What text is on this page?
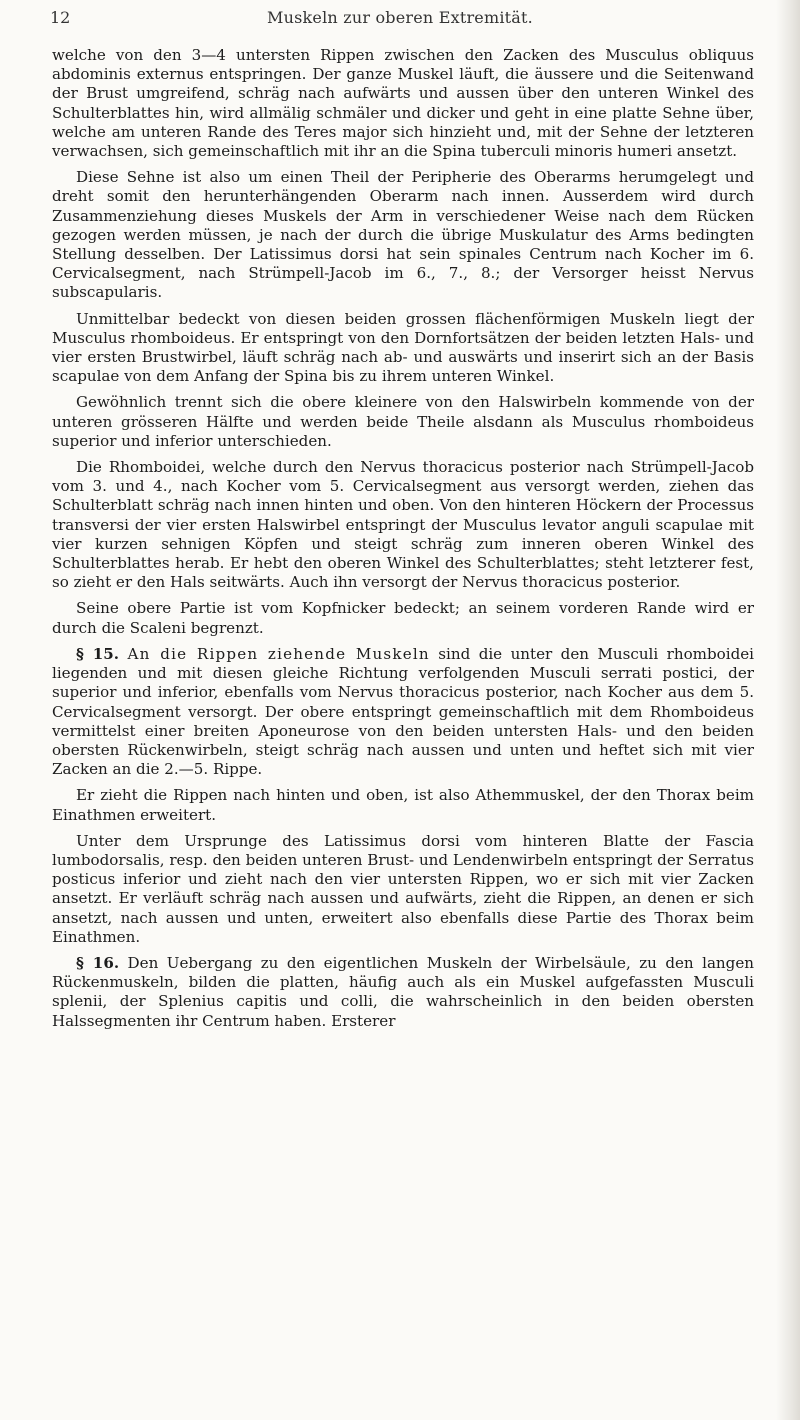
12	Muskeln zur oberen Extremität.

welche von den 3—4 untersten Rippen zwischen den Zacken des Musculus obliquus abdominis externus entspringen. Der ganze Muskel läuft, die äussere und die Seitenwand der Brust umgreifend, schräg nach aufwärts und aussen über den unteren Winkel des Schulterblattes hin, wird allmälig schmäler und dicker und geht in eine platte Sehne über, welche am unteren Rande des Teres major sich hinzieht und, mit der Sehne der letzteren verwachsen, sich gemeinschaftlich mit ihr an die Spina tuberculi minoris humeri ansetzt.

Diese Sehne ist also um einen Theil der Peripherie des Oberarms herumgelegt und dreht somit den herunterhängenden Oberarm nach innen. Ausserdem wird durch Zusammenziehung dieses Muskels der Arm in verschiedener Weise nach dem Rücken gezogen werden müssen, je nach der durch die übrige Muskulatur des Arms bedingten Stellung desselben. Der Latissimus dorsi hat sein spinales Centrum nach Kocher im 6. Cervicalsegment, nach Strümpell-Jacob im 6., 7., 8.; der Versorger heisst Nervus subscapularis.

Unmittelbar bedeckt von diesen beiden grossen flächenförmigen Muskeln liegt der Musculus rhomboideus. Er entspringt von den Dornfortsätzen der beiden letzten Hals- und vier ersten Brustwirbel, läuft schräg nach ab- und auswärts und inserirt sich an der Basis scapulae von dem Anfang der Spina bis zu ihrem unteren Winkel.

Gewöhnlich trennt sich die obere kleinere von den Halswirbeln kommende von der unteren grösseren Hälfte und werden beide Theile alsdann als Musculus rhomboideus superior und inferior unterschieden.

Die Rhomboidei, welche durch den Nervus thoracicus posterior nach Strümpell-Jacob vom 3. und 4., nach Kocher vom 5. Cervicalsegment aus versorgt werden, ziehen das Schulterblatt schräg nach innen hinten und oben. Von den hinteren Höckern der Processus transversi der vier ersten Halswirbel entspringt der Musculus levator anguli scapulae mit vier kurzen sehnigen Köpfen und steigt schräg zum inneren oberen Winkel des Schulterblattes herab. Er hebt den oberen Winkel des Schulterblattes; steht letzterer fest, so zieht er den Hals seitwärts. Auch ihn versorgt der Nervus thoracicus posterior.

Seine obere Partie ist vom Kopfnicker bedeckt; an seinem vorderen Rande wird er durch die Scaleni begrenzt.

§ 15. An die Rippen ziehende Muskeln sind die unter den Musculi rhomboidei liegenden und mit diesen gleiche Richtung verfolgenden Musculi serrati postici, der superior und inferior, ebenfalls vom Nervus thoracicus posterior, nach Kocher aus dem 5. Cervicalsegment versorgt. Der obere entspringt gemeinschaftlich mit dem Rhomboideus vermittelst einer breiten Aponeurose von den beiden untersten Hals- und den beiden obersten Rückenwirbeln, steigt schräg nach aussen und unten und heftet sich mit vier Zacken an die 2.—5. Rippe.

Er zieht die Rippen nach hinten und oben, ist also Athemmuskel, der den Thorax beim Einathmen erweitert.

Unter dem Ursprunge des Latissimus dorsi vom hinteren Blatte der Fascia lumbodorsalis, resp. den beiden unteren Brust- und Lendenwirbeln entspringt der Serratus posticus inferior und zieht nach den vier untersten Rippen, wo er sich mit vier Zacken ansetzt. Er verläuft schräg nach aussen und aufwärts, zieht die Rippen, an denen er sich ansetzt, nach aussen und unten, erweitert also ebenfalls diese Partie des Thorax beim Einathmen.

§ 16. Den Uebergang zu den eigentlichen Muskeln der Wirbelsäule, zu den langen Rückenmuskeln, bilden die platten, häufig auch als ein Muskel aufgefassten Musculi splenii, der Splenius capitis und colli, die wahrscheinlich in den beiden obersten Halssegmenten ihr Centrum haben. Ersterer
